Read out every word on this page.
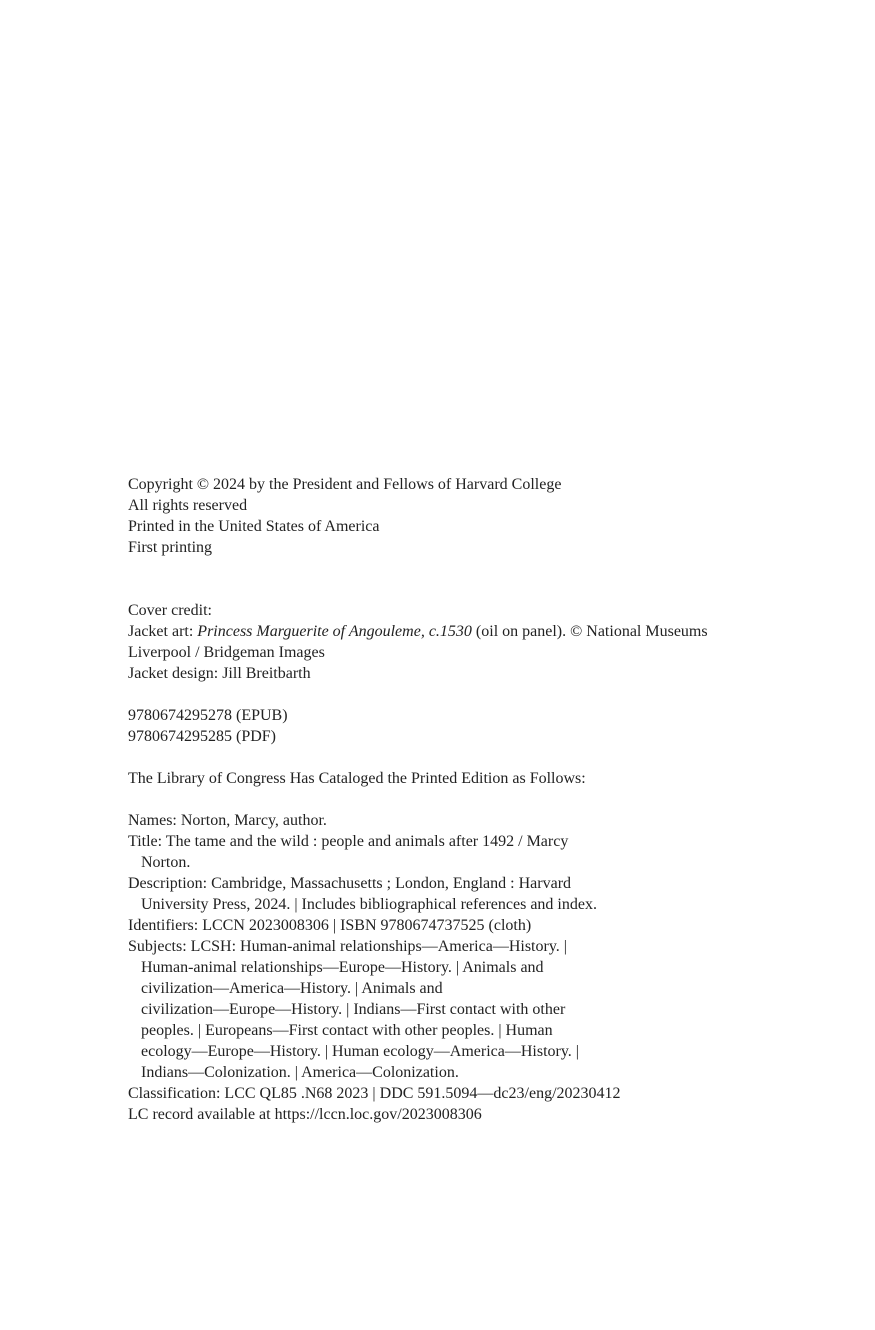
Copyright © 2024 by the President and Fellows of Harvard College
All rights reserved
Printed in the United States of America
First printing
Cover credit:
Jacket art: Princess Marguerite of Angouleme, c.1530 (oil on panel). © National Museums
Liverpool / Bridgeman Images
Jacket design: Jill Breitbarth
9780674295278 (EPUB)
9780674295285 (PDF)
The Library of Congress Has Cataloged the Printed Edition as Follows:
Names: Norton, Marcy, author.
Title: The tame and the wild : people and animals after 1492 / Marcy
Norton.
Description: Cambridge, Massachusetts ; London, England : Harvard
University Press, 2024. | Includes bibliographical references and index.
Identifiers: LCCN 2023008306 | ISBN 9780674737525 (cloth)
Subjects: LCSH: Human-animal relationships—America—History. |
Human-animal relationships—Europe—History. | Animals and
civilization—America—History. | Animals and
civilization—Europe—History. | Indians—First contact with other
peoples. | Europeans—First contact with other peoples. | Human
ecology—Europe—History. | Human ecology—America—History. |
Indians—Colonization. | America—Colonization.
Classification: LCC QL85 .N68 2023 | DDC 591.5094—dc23/eng/20230412
LC record available at https://lccn.loc.gov/2023008306
